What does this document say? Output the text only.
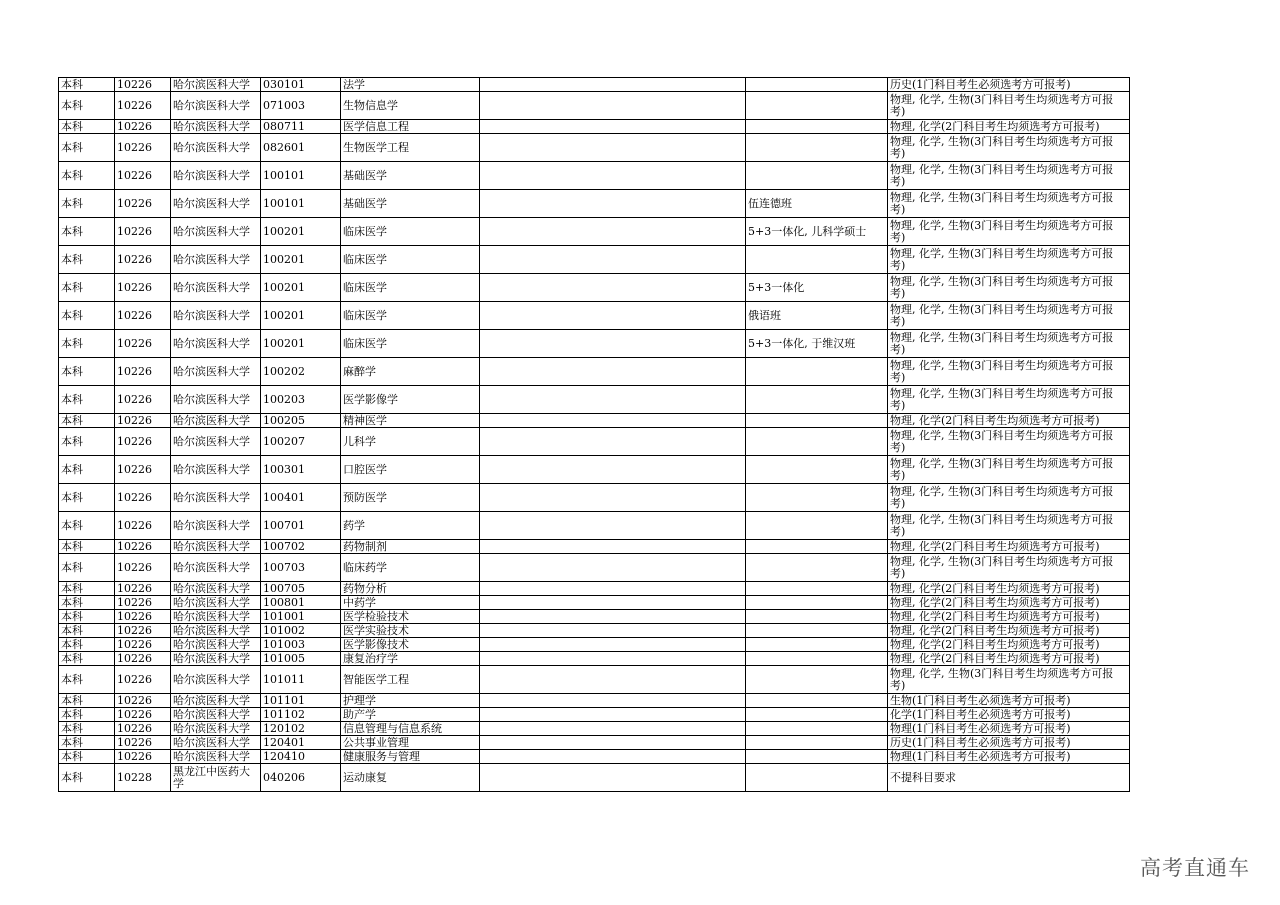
本科	10226	哈尔滨医科大学	030101	法学			历史(1门科目考生必须选考方可报考)
本科	10226	哈尔滨医科大学	071003	生物信息学			物理, 化学, 生物(3门科目考生均须选考方可报考)
本科	10226	哈尔滨医科大学	080711	医学信息工程			物理, 化学(2门科目考生均须选考方可报考)
本科	10226	哈尔滨医科大学	082601	生物医学工程			物理, 化学, 生物(3门科目考生均须选考方可报考)
本科	10226	哈尔滨医科大学	100101	基础医学			物理, 化学, 生物(3门科目考生均须选考方可报考)
本科	10226	哈尔滨医科大学	100101	基础医学		伍连德班	物理, 化学, 生物(3门科目考生均须选考方可报考)
本科	10226	哈尔滨医科大学	100201	临床医学		5+3一体化, 儿科学硕士	物理, 化学, 生物(3门科目考生均须选考方可报考)
本科	10226	哈尔滨医科大学	100201	临床医学			物理, 化学, 生物(3门科目考生均须选考方可报考)
本科	10226	哈尔滨医科大学	100201	临床医学		5+3一体化	物理, 化学, 生物(3门科目考生均须选考方可报考)
本科	10226	哈尔滨医科大学	100201	临床医学		俄语班	物理, 化学, 生物(3门科目考生均须选考方可报考)
本科	10226	哈尔滨医科大学	100201	临床医学		5+3一体化, 于维汉班	物理, 化学, 生物(3门科目考生均须选考方可报考)
本科	10226	哈尔滨医科大学	100202	麻醉学			物理, 化学, 生物(3门科目考生均须选考方可报考)
本科	10226	哈尔滨医科大学	100203	医学影像学			物理, 化学, 生物(3门科目考生均须选考方可报考)
本科	10226	哈尔滨医科大学	100205	精神医学			物理, 化学(2门科目考生均须选考方可报考)
本科	10226	哈尔滨医科大学	100207	儿科学			物理, 化学, 生物(3门科目考生均须选考方可报考)
本科	10226	哈尔滨医科大学	100301	口腔医学			物理, 化学, 生物(3门科目考生均须选考方可报考)
本科	10226	哈尔滨医科大学	100401	预防医学			物理, 化学, 生物(3门科目考生均须选考方可报考)
本科	10226	哈尔滨医科大学	100701	药学			物理, 化学, 生物(3门科目考生均须选考方可报考)
本科	10226	哈尔滨医科大学	100702	药物制剂			物理, 化学(2门科目考生均须选考方可报考)
本科	10226	哈尔滨医科大学	100703	临床药学			物理, 化学, 生物(3门科目考生均须选考方可报考)
本科	10226	哈尔滨医科大学	100705	药物分析			物理, 化学(2门科目考生均须选考方可报考)
本科	10226	哈尔滨医科大学	100801	中药学			物理, 化学(2门科目考生均须选考方可报考)
本科	10226	哈尔滨医科大学	101001	医学检验技术			物理, 化学(2门科目考生均须选考方可报考)
本科	10226	哈尔滨医科大学	101002	医学实验技术			物理, 化学(2门科目考生均须选考方可报考)
本科	10226	哈尔滨医科大学	101003	医学影像技术			物理, 化学(2门科目考生均须选考方可报考)
本科	10226	哈尔滨医科大学	101005	康复治疗学			物理, 化学(2门科目考生均须选考方可报考)
本科	10226	哈尔滨医科大学	101011	智能医学工程			物理, 化学, 生物(3门科目考生均须选考方可报考)
本科	10226	哈尔滨医科大学	101101	护理学			生物(1门科目考生必须选考方可报考)
本科	10226	哈尔滨医科大学	101102	助产学			化学(1门科目考生必须选考方可报考)
本科	10226	哈尔滨医科大学	120102	信息管理与信息系统			物理(1门科目考生必须选考方可报考)
本科	10226	哈尔滨医科大学	120401	公共事业管理			历史(1门科目考生必须选考方可报考)
本科	10226	哈尔滨医科大学	120410	健康服务与管理			物理(1门科目考生必须选考方可报考)
本科	10228	黑龙江中医药大学	040206	运动康复			不提科目要求
高考直通车
